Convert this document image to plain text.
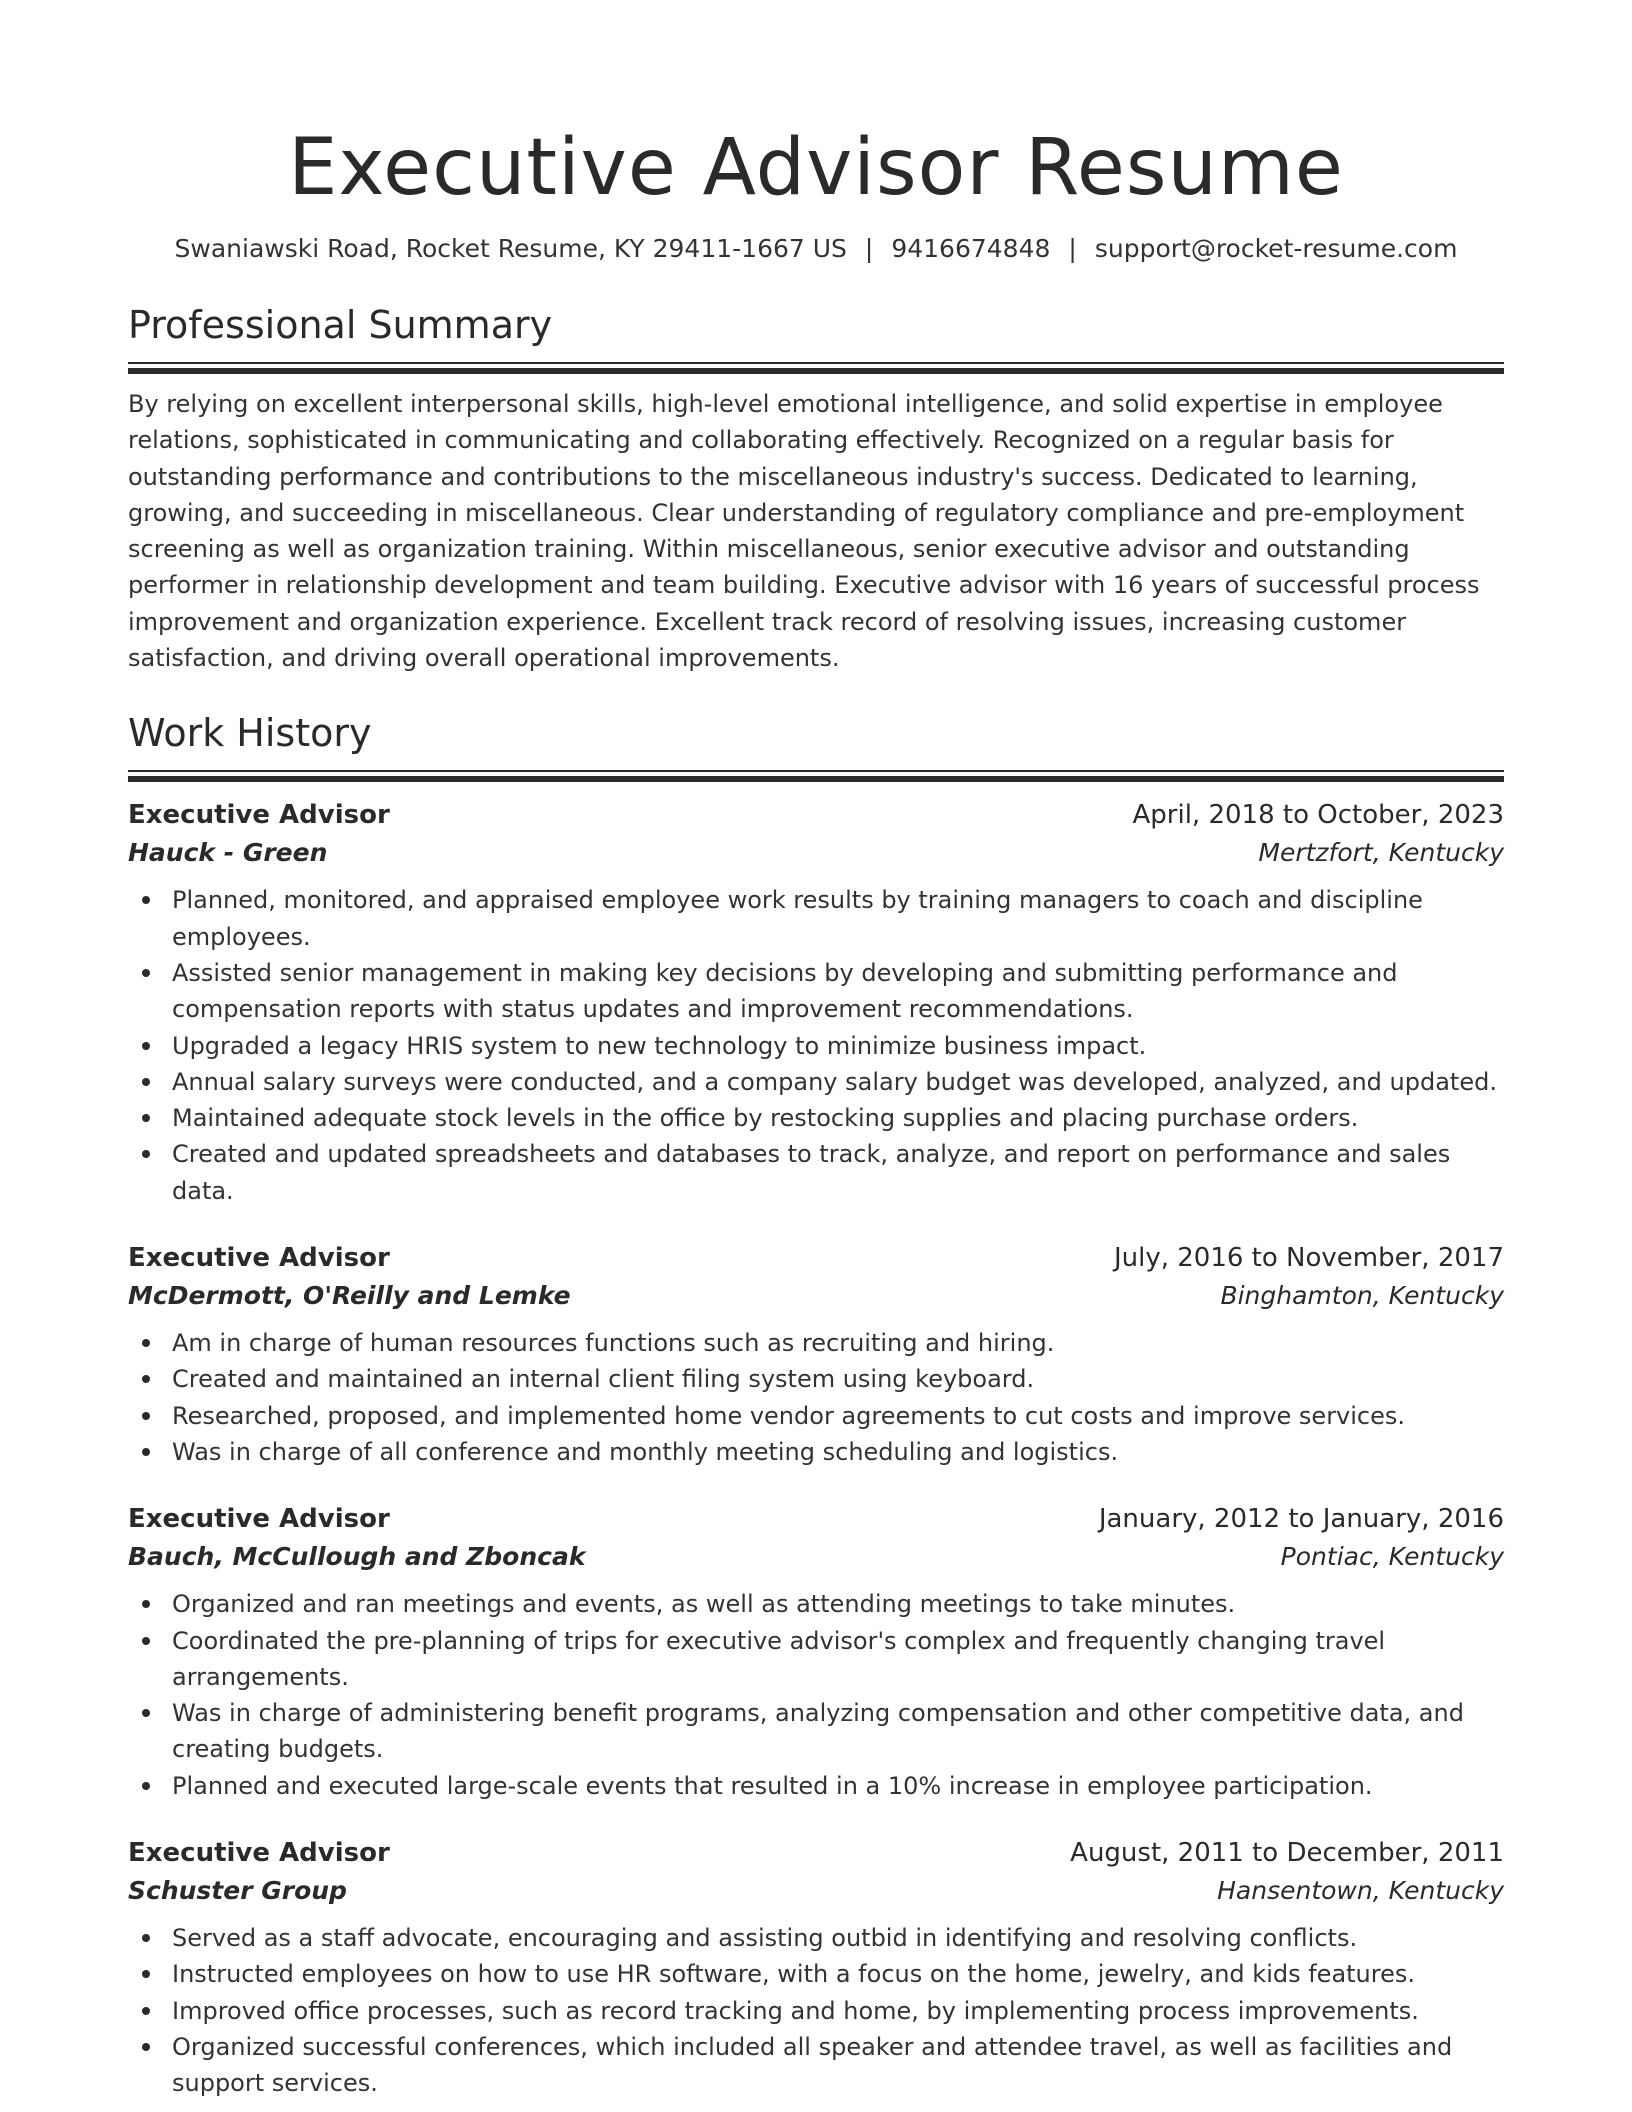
Executive Advisor Resume
Swaniawski Road, Rocket Resume, KY 29411-1667 US | 9416674848 | support@rocket-resume.com
Professional Summary
By relying on excellent interpersonal skills, high-level emotional intelligence, and solid expertise in employee relations, sophisticated in communicating and collaborating effectively. Recognized on a regular basis for outstanding performance and contributions to the miscellaneous industry's success. Dedicated to learning, growing, and succeeding in miscellaneous. Clear understanding of regulatory compliance and pre-employment screening as well as organization training. Within miscellaneous, senior executive advisor and outstanding performer in relationship development and team building. Executive advisor with 16 years of successful process improvement and organization experience. Excellent track record of resolving issues, increasing customer satisfaction, and driving overall operational improvements.
Work History
Executive Advisor	April, 2018 to October, 2023
Hauck - Green	Mertzfort, Kentucky
Planned, monitored, and appraised employee work results by training managers to coach and discipline employees.
Assisted senior management in making key decisions by developing and submitting performance and compensation reports with status updates and improvement recommendations.
Upgraded a legacy HRIS system to new technology to minimize business impact.
Annual salary surveys were conducted, and a company salary budget was developed, analyzed, and updated.
Maintained adequate stock levels in the office by restocking supplies and placing purchase orders.
Created and updated spreadsheets and databases to track, analyze, and report on performance and sales data.
Executive Advisor	July, 2016 to November, 2017
McDermott, O'Reilly and Lemke	Binghamton, Kentucky
Am in charge of human resources functions such as recruiting and hiring.
Created and maintained an internal client filing system using keyboard.
Researched, proposed, and implemented home vendor agreements to cut costs and improve services.
Was in charge of all conference and monthly meeting scheduling and logistics.
Executive Advisor	January, 2012 to January, 2016
Bauch, McCullough and Zboncak	Pontiac, Kentucky
Organized and ran meetings and events, as well as attending meetings to take minutes.
Coordinated the pre-planning of trips for executive advisor's complex and frequently changing travel arrangements.
Was in charge of administering benefit programs, analyzing compensation and other competitive data, and creating budgets.
Planned and executed large-scale events that resulted in a 10% increase in employee participation.
Executive Advisor	August, 2011 to December, 2011
Schuster Group	Hansentown, Kentucky
Served as a staff advocate, encouraging and assisting outbid in identifying and resolving conflicts.
Instructed employees on how to use HR software, with a focus on the home, jewelry, and kids features.
Improved office processes, such as record tracking and home, by implementing process improvements.
Organized successful conferences, which included all speaker and attendee travel, as well as facilities and support services.
